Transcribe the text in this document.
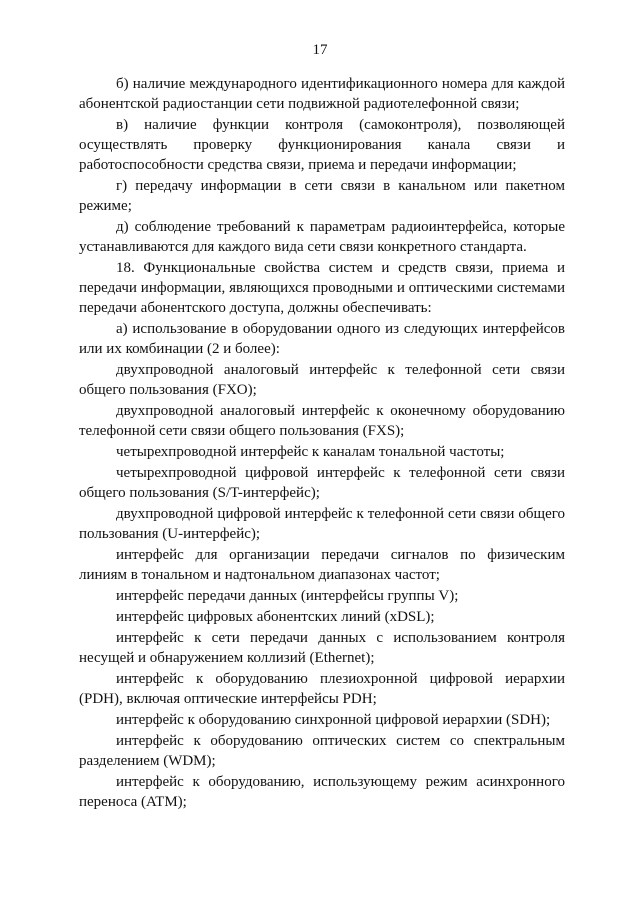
17

б) наличие международного идентификационного номера для каждой абонентской радиостанции сети подвижной радиотелефонной связи;

в) наличие функции контроля (самоконтроля), позволяющей осуществлять проверку функционирования канала связи и работоспособности средства связи, приема и передачи информации;

г) передачу информации в сети связи в канальном или пакетном режиме;

д) соблюдение требований к параметрам радиоинтерфейса, которые устанавливаются для каждого вида сети связи конкретного стандарта.

18. Функциональные свойства систем и средств связи, приема и передачи информации, являющихся проводными и оптическими системами передачи абонентского доступа, должны обеспечивать:

а) использование в оборудовании одного из следующих интерфейсов или их комбинации (2 и более):

двухпроводной аналоговый интерфейс к телефонной сети связи общего пользования (FXO);

двухпроводной аналоговый интерфейс к оконечному оборудованию телефонной сети связи общего пользования (FXS);

четырехпроводной интерфейс к каналам тональной частоты;

четырехпроводной цифровой интерфейс к телефонной сети связи общего пользования (S/T-интерфейс);

двухпроводной цифровой интерфейс к телефонной сети связи общего пользования (U-интерфейс);

интерфейс для организации передачи сигналов по физическим линиям в тональном и надтональном диапазонах частот;

интерфейс передачи данных (интерфейсы группы V);

интерфейс цифровых абонентских линий (xDSL);

интерфейс к сети передачи данных с использованием контроля несущей и обнаружением коллизий (Ethernet);

интерфейс к оборудованию плезиохронной цифровой иерархии (PDH), включая оптические интерфейсы PDH;

интерфейс к оборудованию синхронной цифровой иерархии (SDH);

интерфейс к оборудованию оптических систем со спектральным разделением (WDM);

интерфейс к оборудованию, использующему режим асинхронного переноса (ATM);
